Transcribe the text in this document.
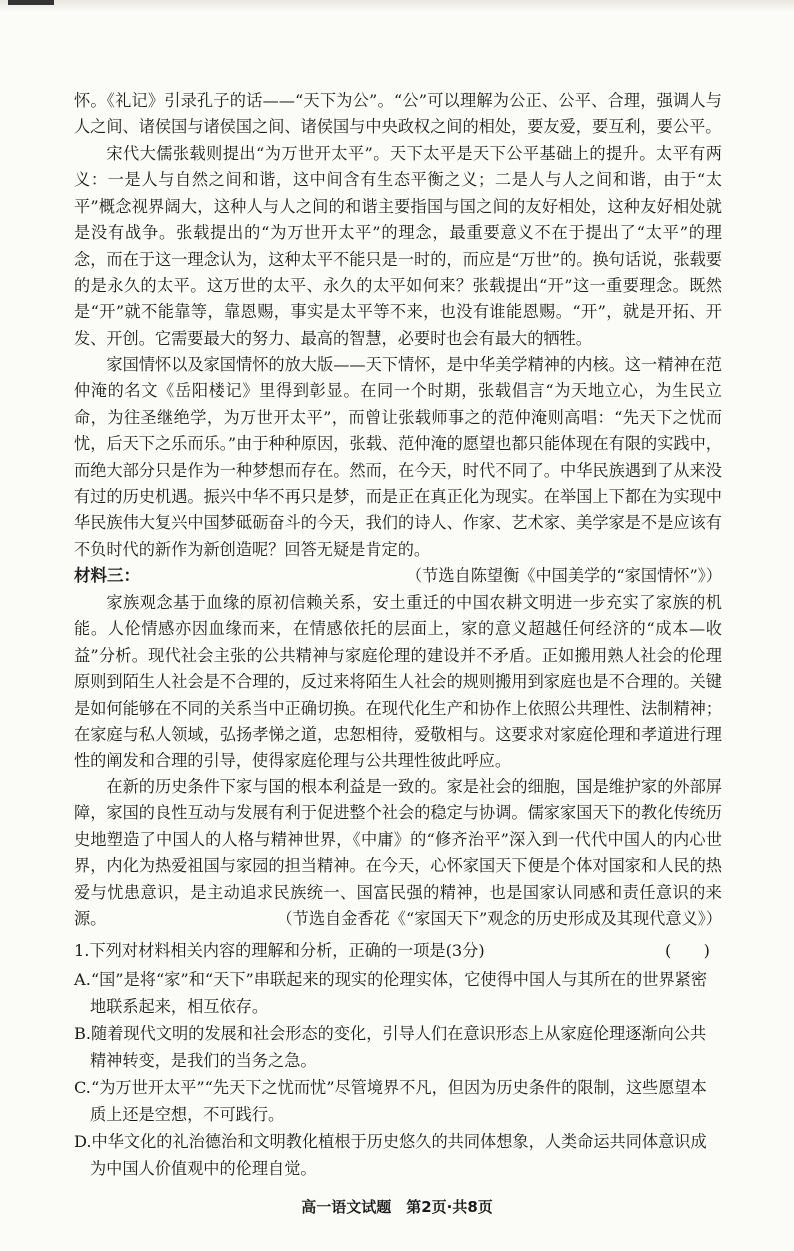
怀。《礼记》引录孔子的话——“天下为公”。“公”可以理解为公正、公平、合理，强调人与人之间、诸侯国与诸侯国之间、诸侯国与中央政权之间的相处，要友爱，要互利，要公平。

宋代大儒张载则提出“为万世开太平”。天下太平是天下公平基础上的提升。太平有两义：一是人与自然之间和谐，这中间含有生态平衡之义；二是人与人之间和谐，由于“太平”概念视界阔大，这种人与人之间的和谐主要指国与国之间的友好相处，这种友好相处就是没有战争。张载提出的“为万世开太平”的理念，最重要意义不在于提出了“太平”的理念，而在于这一理念认为，这种太平不能只是一时的，而应是“万世”的。换句话说，张载要的是永久的太平。这万世的太平、永久的太平如何来？张载提出“开”这一重要理念。既然是“开”就不能靠等，靠恩赐，事实是太平等不来，也没有谁能恩赐。“开”，就是开拓、开发、开创。它需要最大的努力、最高的智慧，必要时也会有最大的牺牲。

家国情怀以及家国情怀的放大版——天下情怀，是中华美学精神的内核。这一精神在范仲淹的名文《岳阳楼记》里得到彰显。在同一个时期，张载倡言“为天地立心，为生民立命，为往圣继绝学，为万世开太平”，而曾让张载师事之的范仲淹则高唱：“先天下之忧而忧，后天下之乐而乐。”由于种种原因，张载、范仲淹的愿望也都只能体现在有限的实践中，而绝大部分只是作为一种梦想而存在。然而，在今天，时代不同了。中华民族遇到了从来没有过的历史机遇。振兴中华不再只是梦，而是正在真正化为现实。在举国上下都在为实现中华民族伟大复兴中国梦砥砺奋斗的今天，我们的诗人、作家、艺术家、美学家是不是应该有不负时代的新作为新创造呢？回答无疑是肯定的。
（节选自陈望衡《中国美学的“家国情怀”》）

材料三：

家族观念基于血缘的原初信赖关系，安土重迁的中国农耕文明进一步充实了家族的机能。人伦情感亦因血缘而来，在情感依托的层面上，家的意义超越任何经济的“成本—收益”分析。现代社会主张的公共精神与家庭伦理的建设并不矛盾。正如搬用熟人社会的伦理原则到陌生人社会是不合理的，反过来将陌生人社会的规则搬用到家庭也是不合理的。关键是如何能够在不同的关系当中正确切换。在现代化生产和协作上依照公共理性、法制精神；在家庭与私人领域，弘扬孝悌之道，忠恕相待，爱敬相与。这要求对家庭伦理和孝道进行理性的阐发和合理的引导，使得家庭伦理与公共理性彼此呼应。

在新的历史条件下家与国的根本利益是一致的。家是社会的细胞，国是维护家的外部屏障，家国的良性互动与发展有利于促进整个社会的稳定与协调。儒家家国天下的教化传统历史地塑造了中国人的人格与精神世界，《中庸》的“修齐治平”深入到一代代中国人的内心世界，内化为热爱祖国与家园的担当精神。在今天，心怀家国天下便是个体对国家和人民的热爱与忧患意识，是主动追求民族统一、国富民强的精神，也是国家认同感和责任意识的来源。	（节选自金香花《“家国天下”观念的历史形成及其现代意义》）

1.下列对材料相关内容的理解和分析，正确的一项是(3分)	(　　)

A.“国”是将“家”和“天下”串联起来的现实的伦理实体，它使得中国人与其所在的世界紧密地联系起来，相互依存。

B.随着现代文明的发展和社会形态的变化，引导人们在意识形态上从家庭伦理逐渐向公共精神转变，是我们的当务之急。

C.“为万世开太平”“先天下之忧而忧”尽管境界不凡，但因为历史条件的限制，这些愿望本质上还是空想，不可践行。

D.中华文化的礼治德治和文明教化植根于历史悠久的共同体想象，人类命运共同体意识成为中国人价值观中的伦理自觉。

高一语文试题　第2页·共8页
